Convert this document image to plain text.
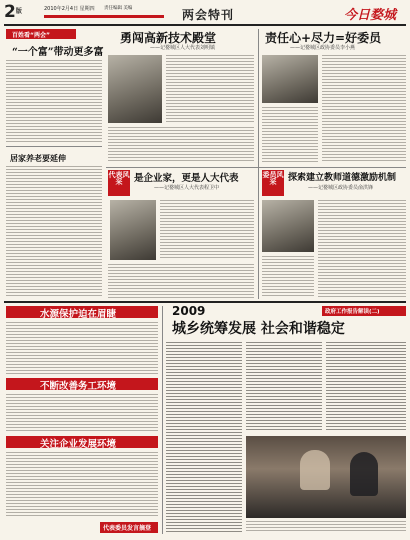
$2^版$	2010年2月4日 星期四 责任编辑 美编	两会特刊	今日婺城
百姓看“两会”
“一个富”带动更多富
居家养老要延伸
勇闯高新技术殿堂
——记婺城区人大代表刘明镇
责任心+尽力=好委员
——记婺城区政协委员李小燕
代表风采	是企业家，更是人大代表
——记婺城区人大代表程卫中
委员风采	探索建立教师道德激励机制
——记婺城区政协委员俞洪锋
水源保护迫在眉睫
不断改善务工环境
关注企业发展环境
代表委员发言摘登
2009
城乡统筹发展 社会和谐稳定
政府工作报告解读(二)
